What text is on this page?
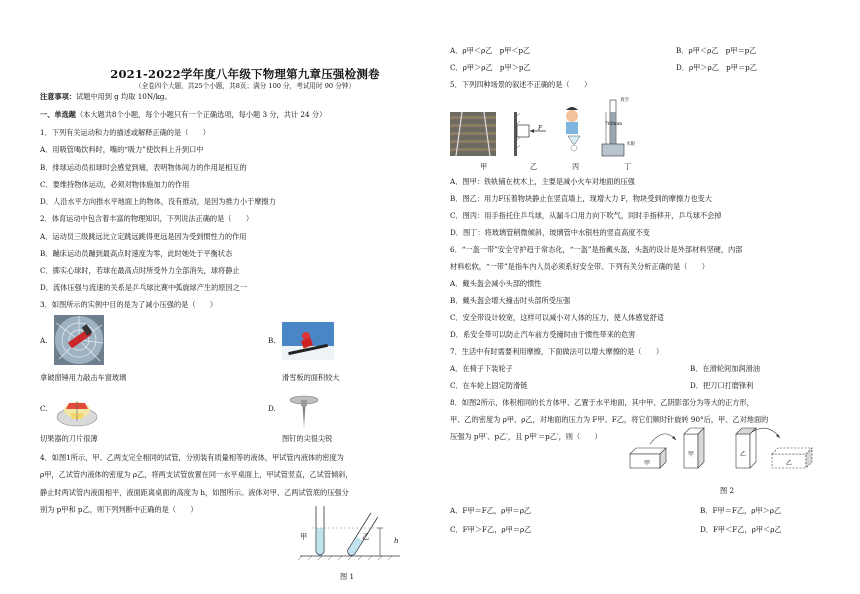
2021-2022学年度八年级下物理第九章压强检测卷
（全卷四个大题，共25个小题，共8页；满分 100 分，考试用时 90 分钟）
注意事项：试题中用到 g 均取 10N/kg。
一、单选题（本大题共8个小题，每个小题只有一个正确选项，每小题 3 分，共计 24 分）
1．下列有关运动和力的描述或解释正确的是（　　）
A．用吸管喝饮料时，嘴的“吸力”使饮料上升到口中
B．排球运动员扣球时会感觉到痛，表明物体间力的作用是相互的
C．要维持物体运动，必须对物体施加力的作用
D．人沿水平方向推水平地面上的物体，没有推动，是因为推力小于摩擦力
2．体育运动中包含着丰富的物理知识，下列说法正确的是（　　）
A．运动员三级跳远比立定跳远跳得更远是因为受到惯性力的作用
B．蹦床运动员蹦到最高点时速度为零，此时她处于平衡状态
C．掷实心球时，若球在最高点时所受外力全部消失，球将静止
D．流体压强与流速的关系是乒乓球比赛中弧旋球产生的原因之一
3．如图所示的实例中目的是为了减小压强的是（　　）
A.
拿破窗锤用力敲击车窗玻璃
B.
滑雪板的面积较大
C.
切果器的刀片很薄
D.
图钉的尖很尖锐
4．如图1所示，甲、乙两支完全相同的试管，分别装有质量相等的液体，甲试管内液体的密度为
ρ甲，乙试管内液体的密度为 ρ乙，将两支试管放置在同一水平桌面上，甲试管竖直，乙试管倾斜，
静止时两试管内液面相平，液面距离桌面的高度为 h，如图所示。液体对甲、乙两试管底的压强分
别为 p甲和 p乙，则下列判断中正确的是（　　）
甲	乙	h
图 1
A．ρ甲＜ρ乙　p甲＜p乙	B．ρ甲＜ρ乙　p甲＝p乙
C．ρ甲＞ρ乙　p甲＞p乙	D．ρ甲＞ρ乙　p甲＝p乙
5．下列四种场景的叙述不正确的是（　　）
甲	乙	丙	丁
F
真空
760mm
水银
A．图甲：铁轨铺在枕木上，主要是减小火车对地面的压强
B．图乙：用力F压着物块静止在竖直墙上，现增大力 F，物块受到的摩擦力也变大
C．图丙：用手指托住乒乓球，从漏斗口用力向下吹气，同时手指移开，乒乓球不会掉
D．图丁：将玻璃管稍微倾斜，玻璃管中水银柱的竖直高度不变
6．“一盔一带”安全守护趋于常态化，“一盔”是指戴头盔，头盔的设计是外部材料坚硬，内部
材料松软，“一带”是指车内人员必须系好安全带。下列有关分析正确的是（　　）
A．戴头盔会减小头部的惯性
B．戴头盔会增大撞击时头部所受压强
C．安全带设计较宽，这样可以减小对人体的压力，使人体感觉舒适
D．系安全带可以防止汽车前方受撞时由于惯性带来的危害
7．生活中有时需要利用摩擦，下面做法可以增大摩擦的是（　　）
A．在椅子下装轮子	B．在滑轮间加润滑油
C．在车轮上固定防滑链	D．把刀口打磨锋利
8．如图2所示，体积相同的长方体甲、乙置于水平地面，其中甲、乙阴影部分为等大的正方形，
甲、乙的密度为 ρ甲、ρ乙，对地面的压力为 F甲、F乙，将它们顺时针旋转 90°后，甲、乙对地面的
压强为 p甲′、p乙′，且 p甲′＝p乙′，则（　　）
甲
甲	乙
乙
图 2
A．F甲＝F乙，ρ甲＝ρ乙	B．F甲＝F乙，ρ甲＞ρ乙
C．F甲＞F乙，ρ甲＝ρ乙	D．F甲＜F乙，ρ甲＜ρ乙
